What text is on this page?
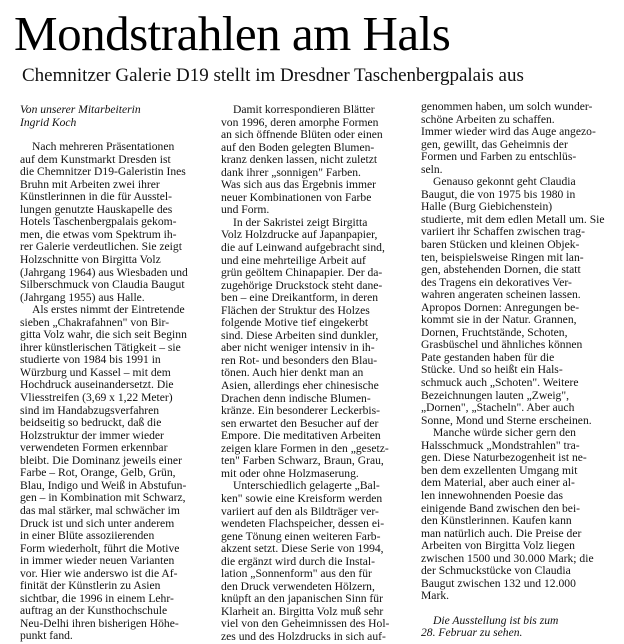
Mondstrahlen am Hals
Chemnitzer Galerie D19 stellt im Dresdner Taschenbergpalais aus
Von unserer Mitarbeiterin
Ingrid Koch
Nach mehreren Präsentationen
auf dem Kunstmarkt Dresden ist
die Chemnitzer D19-Galeristin Ines
Bruhn mit Arbeiten zwei ihrer
Künstlerinnen in die für Ausstel-
lungen genutzte Hauskapelle des
Hotels Taschenbergpalais gekom-
men, die etwas vom Spektrum ih-
rer Galerie verdeutlichen. Sie zeigt
Holzschnitte von Birgitta Volz
(Jahrgang 1964) aus Wiesbaden und
Silberschmuck von Claudia Baugut
(Jahrgang 1955) aus Halle.
Als erstes nimmt der Eintretende
sieben „Chakrafahnen" von Bir-
gitta Volz wahr, die sich seit Beginn
ihrer künstlerischen Tätigkeit – sie
studierte von 1984 bis 1991 in
Würzburg und Kassel – mit dem
Hochdruck auseinandersetzt. Die
Vliesstreifen (3,69 x 1,22 Meter)
sind im Handabzugsverfahren
beidseitig so bedruckt, daß die
Holzstruktur der immer wieder
verwendeten Formen erkennbar
bleibt. Die Dominanz jeweils einer
Farbe – Rot, Orange, Gelb, Grün,
Blau, Indigo und Weiß in Abstufun-
gen – in Kombination mit Schwarz,
das mal stärker, mal schwächer im
Druck ist und sich unter anderem
in einer Blüte assoziierenden
Form wiederholt, führt die Motive
in immer wieder neuen Varianten
vor. Hier wie anderswo ist die Af-
finität der Künstlerin zu Asien
sichtbar, die 1996 in einem Lehr-
auftrag an der Kunsthochschule
Neu-Delhi ihren bisherigen Höhe-
punkt fand.
Damit korrespondieren Blätter
von 1996, deren amorphe Formen
an sich öffnende Blüten oder einen
auf den Boden gelegten Blumen-
kranz denken lassen, nicht zuletzt
dank ihrer „sonnigen" Farben.
Was sich aus das Ergebnis immer
neuer Kombinationen von Farbe
und Form.
In der Sakristei zeigt Birgitta
Volz Holzdrucke auf Japanpapier,
die auf Leinwand aufgebracht sind,
und eine mehrteilige Arbeit auf
grün geöltem Chinapapier. Der da-
zugehörige Druckstock steht dane-
ben – eine Dreikantform, in deren
Flächen der Struktur des Holzes
folgende Motive tief eingekerbt
sind. Diese Arbeiten sind dunkler,
aber nicht weniger intensiv in ih-
ren Rot- und besonders den Blau-
tönen. Auch hier denkt man an
Asien, allerdings eher chinesische
Drachen denn indische Blumen-
kränze. Ein besonderer Leckerbis-
sen erwartet den Besucher auf der
Empore. Die meditativen Arbeiten
zeigen klare Formen in den „gesetz-
ten" Farben Schwarz, Braun, Grau,
mit oder ohne Holzmaserung.
Unterschiedlich gelagerte „Bal-
ken" sowie eine Kreisform werden
variiert auf den als Bildträger ver-
wendeten Flachspeicher, dessen ei-
gene Tönung einen weiteren Farb-
akzent setzt. Diese Serie von 1994,
die ergänzt wird durch die Instal-
lation „Sonnenform" aus den für
den Druck verwendeten Hölzern,
knüpft an den japanischen Sinn für
Klarheit an. Birgitta Volz muß sehr
viel von den Geheimnissen des Hol-
zes und des Holzdrucks in sich auf-
genommen haben, um solch wunder-
schöne Arbeiten zu schaffen.
Immer wieder wird das Auge angezo-
gen, gewillt, das Geheimnis der
Formen und Farben zu entschlüs-
seln.
Genauso gekonnt geht Claudia
Baugut, die von 1975 bis 1980 in
Halle (Burg Giebichenstein)
studierte, mit dem edlen Metall um. Sie
variiert ihr Schaffen zwischen trag-
baren Stücken und kleinen Objek-
ten, beispielsweise Ringen mit lan-
gen, abstehenden Dornen, die statt
des Tragens ein dekoratives Ver-
wahren angeraten scheinen lassen.
Apropos Dornen: Anregungen be-
kommt sie in der Natur. Grannen,
Dornen, Fruchtstände, Schoten,
Grasbüschel und ähnliches können
Pate gestanden haben für die
Stücke. Und so heißt ein Hals-
schmuck auch „Schoten". Weitere
Bezeichnungen lauten „Zweig",
„Dornen", „Stacheln". Aber auch
Sonne, Mond und Sterne erscheinen.
Manche würde sicher gern den
Halsschmuck „Mondstrahlen" tra-
gen. Diese Naturbezogenheit ist ne-
ben dem exzellenten Umgang mit
dem Material, aber auch einer al-
len innewohnenden Poesie das
einigende Band zwischen den bei-
den Künstlerinnen. Kaufen kann
man natürlich auch. Die Preise der
Arbeiten von Birgitta Volz liegen
zwischen 1500 und 30.000 Mark; die
der Schmuckstücke von Claudia
Baugut zwischen 132 und 12.000
Mark.
Die Ausstellung ist bis zum
28. Februar zu sehen.
